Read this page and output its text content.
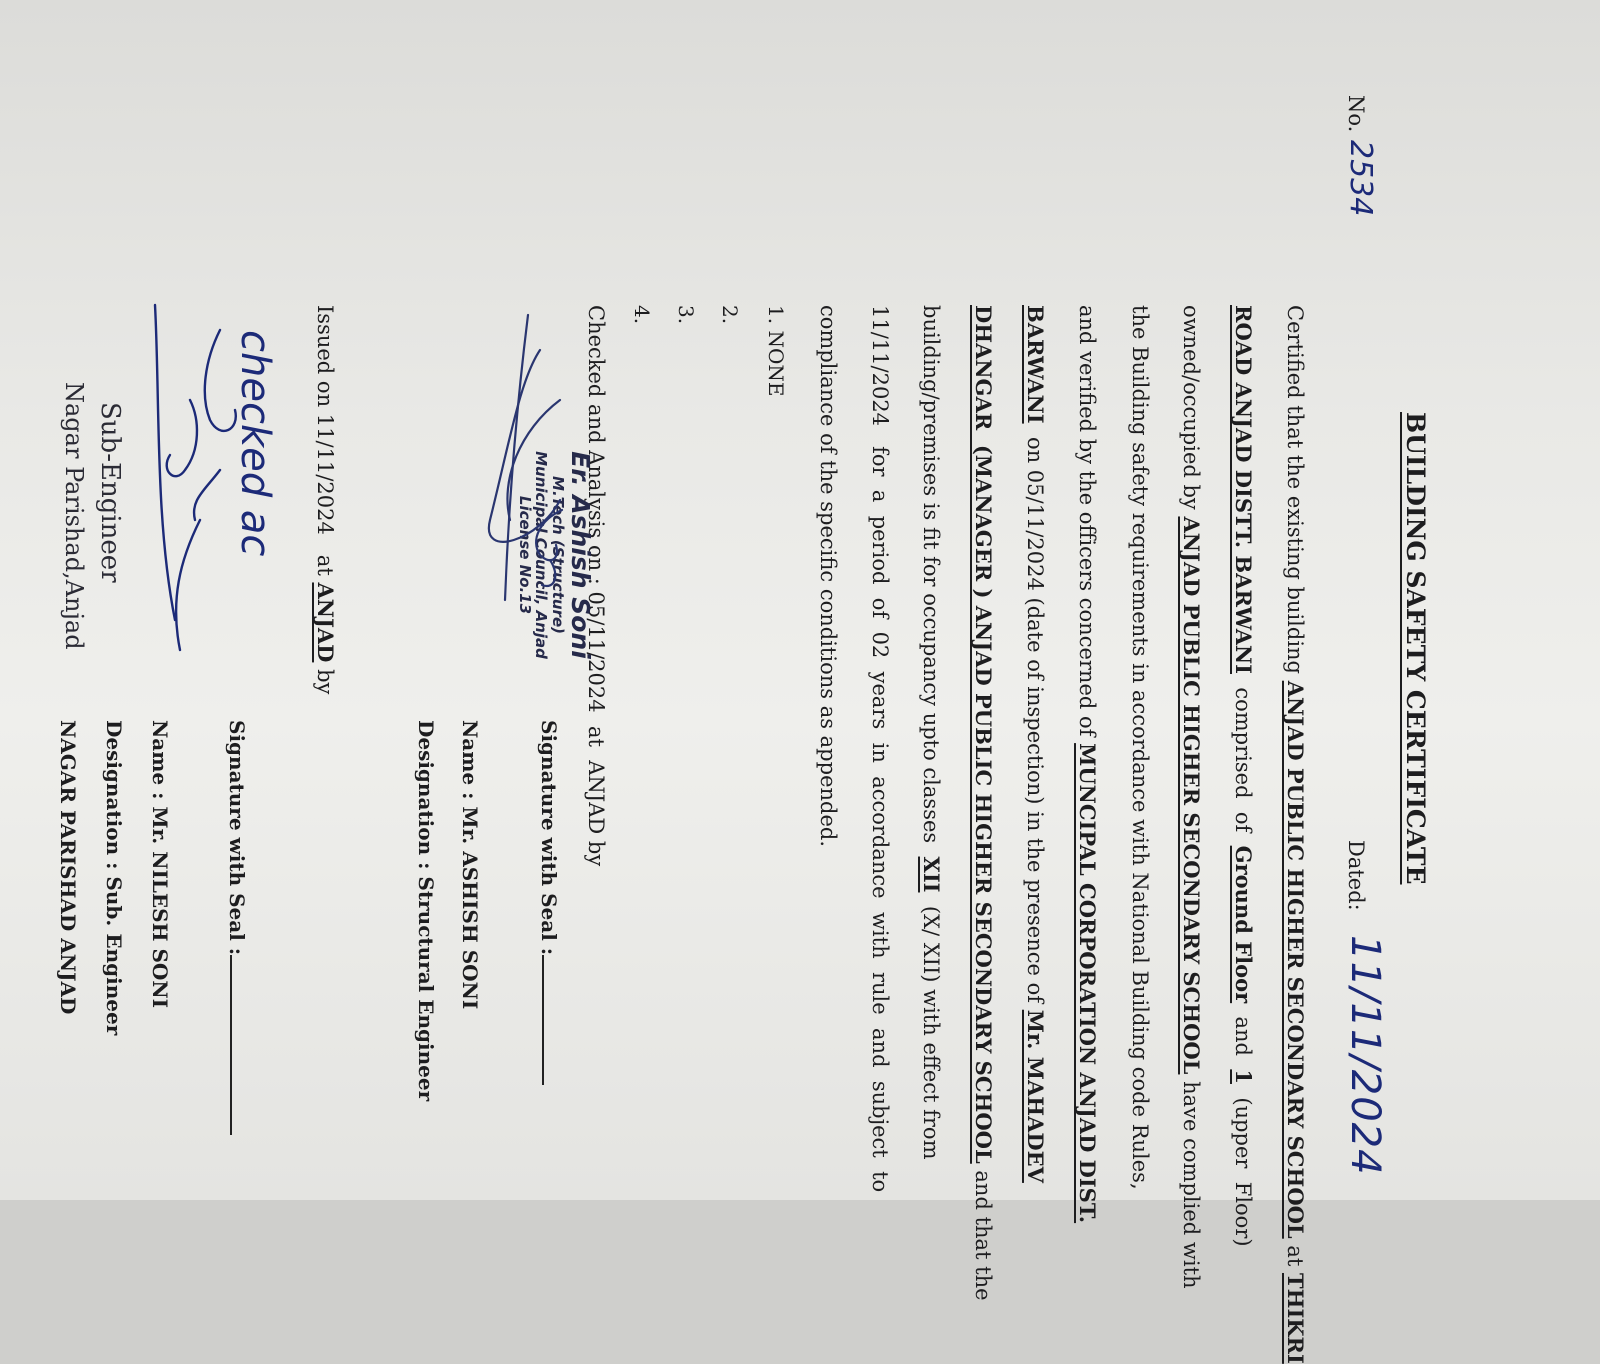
BUILDING SAFETY CERTIFICATE
No.
2534
Dated:
11/11/2024
Certified that the existing building ANJAD PUBLIC HIGHER SECONDARY SCHOOL at THIKRI
ROAD ANJAD DISTT. BARWANI  comprised  of  Ground Floor  and  1  (upper  Floor)
owned/occupied by ANJAD PUBLIC HIGHER SECONDARY SCHOOL have complied with
the Building safety requirements in accordance with National Building code Rules,
and verified by the officers concerned of MUNCIPAL CORPORATION ANJAD DIST.
BARWANI  on 05/11/2024 (date of inspection) in the presence of Mr. MAHADEV
DHANGAR  (MANAGER ) ANJAD PUBLIC HIGHER SECONDARY SCHOOL and that the
building/premises is fit for occupancy upto classes  XII  (X/ XII) with effect from
11/11/2024   for  a  period  of  02  years  in  accordance  with  rule  and  subject  to
compliance of the specific conditions as appended.
1. NONE
2.
3.
4.
Checked and Analysis on : 05/11/2024  at  ANJAD by
Signature with Seal :
Name : Mr. ASHISH SONI
Designation : Structural Engineer
Er. Ashish Soni
M.Tech (Structure)
Municipal Council, Anjad
License No.13
Issued on 11/11/2024   at ANJAD by
Signature with Seal :
Name : Mr. NILESH SONI
Designation : Sub. Engineer
NAGAR PARISHAD ANJAD
Sub-Engineer
Nagar Parishad,Anjad	checked ac
